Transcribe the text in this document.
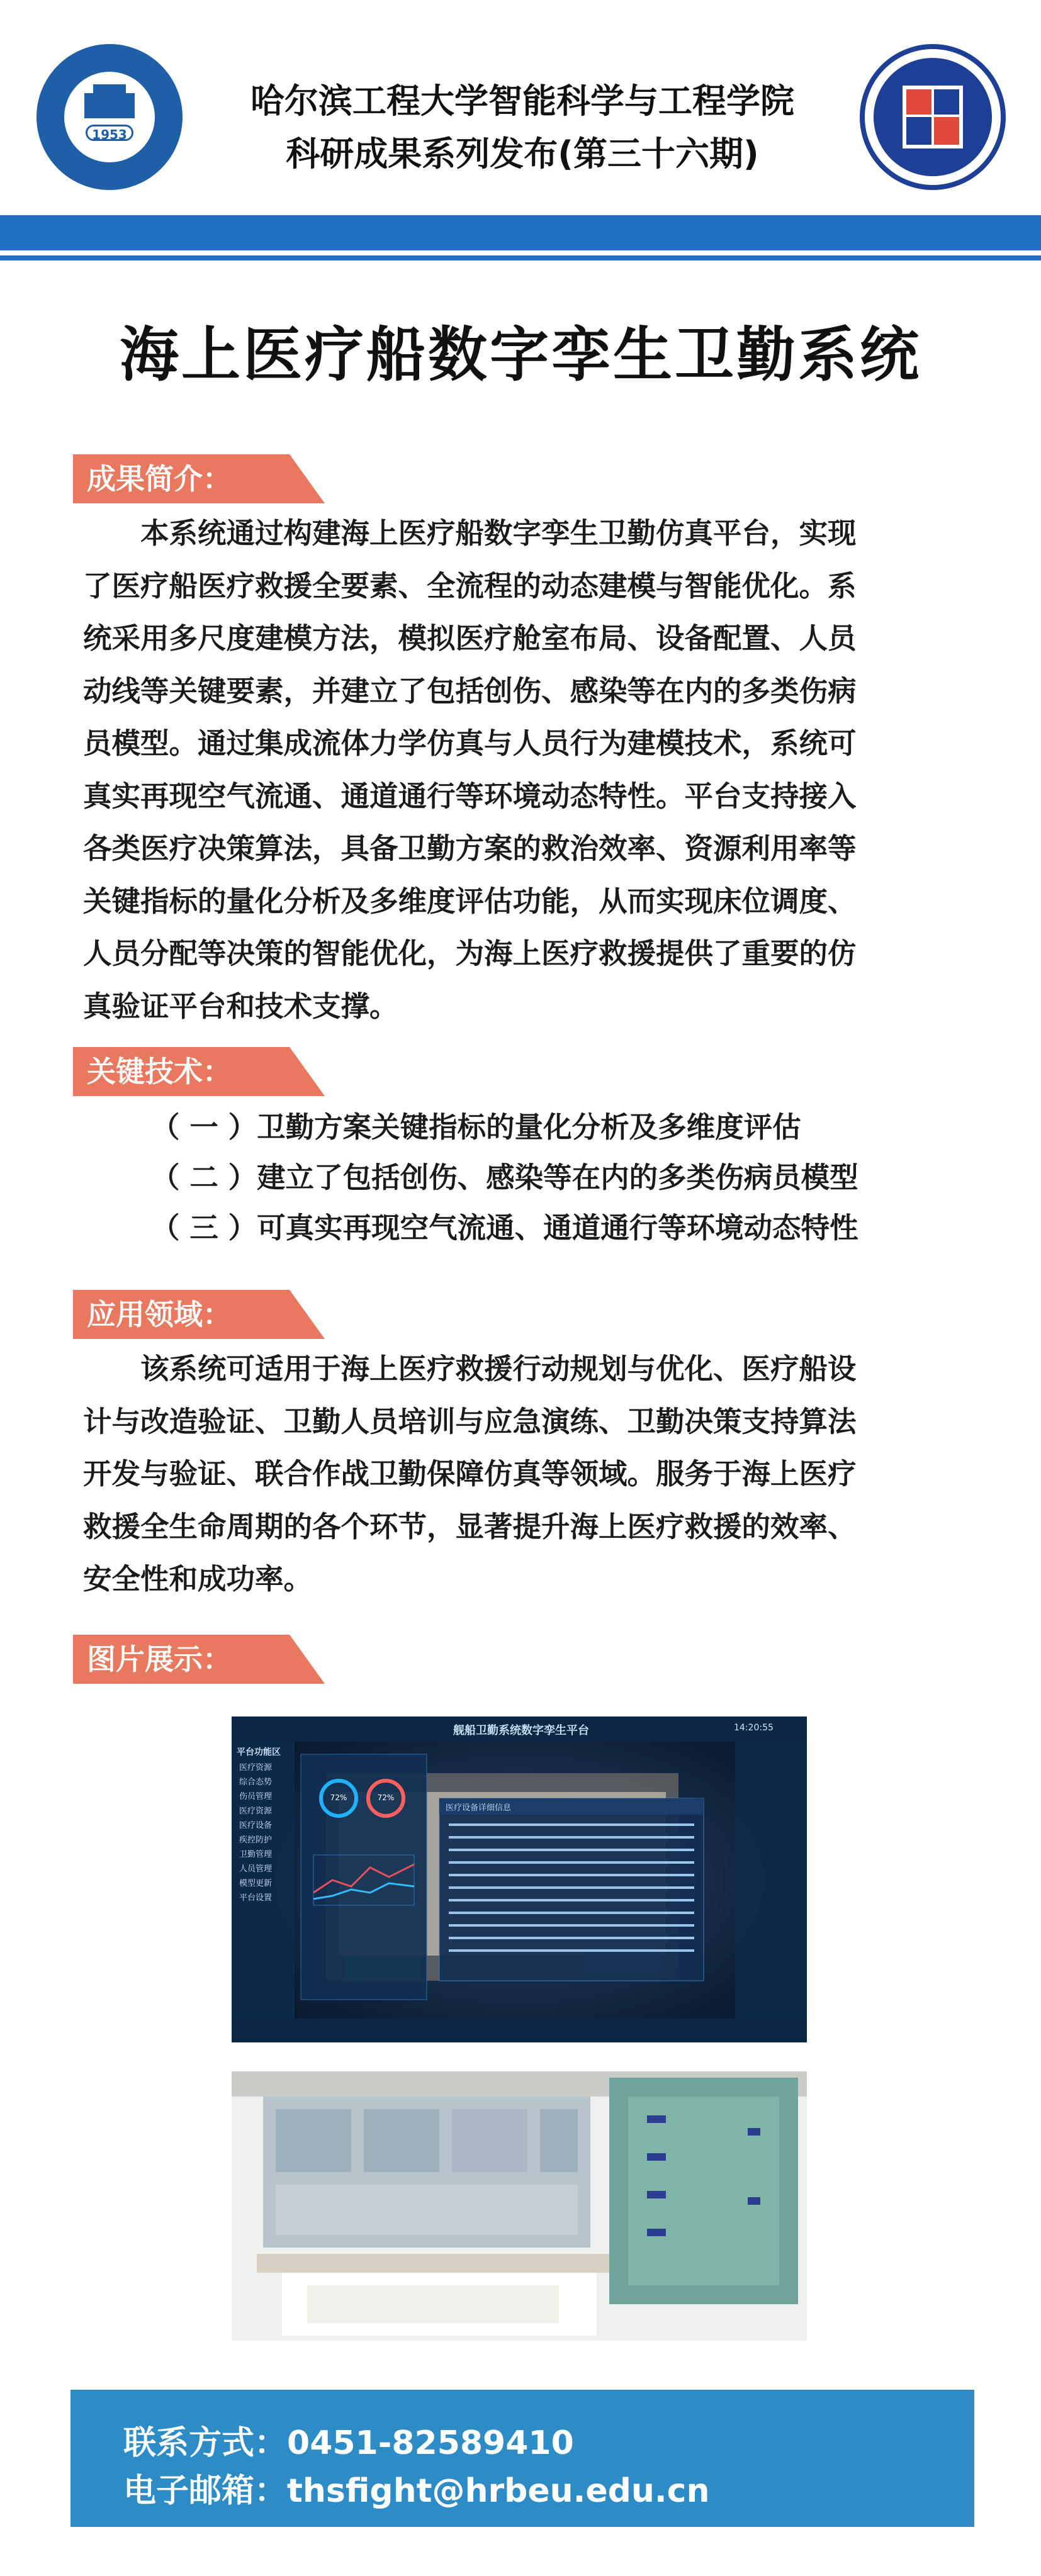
1953
哈尔滨工程大学智能科学与工程学院
科研成果系列发布(第三十六期)
海上医疗船数字孪生卫勤系统
成果简介：
　　本系统通过构建海上医疗船数字孪生卫勤仿真平台，实现
了医疗船医疗救援全要素、全流程的动态建模与智能优化。系
统采用多尺度建模方法，模拟医疗舱室布局、设备配置、人员
动线等关键要素，并建立了包括创伤、感染等在内的多类伤病
员模型。通过集成流体力学仿真与人员行为建模技术，系统可
真实再现空气流通、通道通行等环境动态特性。平台支持接入
各类医疗决策算法，具备卫勤方案的救治效率、资源利用率等
关键指标的量化分析及多维度评估功能，从而实现床位调度、
人员分配等决策的智能优化，为海上医疗救援提供了重要的仿
真验证平台和技术支撑。
关键技术：
（ 一 ）卫勤方案关键指标的量化分析及多维度评估
（ 二 ）建立了包括创伤、感染等在内的多类伤病员模型
（ 三 ）可真实再现空气流通、通道通行等环境动态特性
应用领域：
　　该系统可适用于海上医疗救援行动规划与优化、医疗船设
计与改造验证、卫勤人员培训与应急演练、卫勤决策支持算法
开发与验证、联合作战卫勤保障仿真等领域。服务于海上医疗
救援全生命周期的各个环节，显著提升海上医疗救援的效率、
安全性和成功率。
图片展示：
舰船卫勤系统数字孪生平台	14:20:55
平台功能区
医疗资源
综合态势
伤员管理
医疗资源
医疗设备
疾控防护
卫勤管理
人员管理
模型更新
平台设置
72%	72%
医疗设备详细信息
联系方式：0451-82589410
电子邮箱：thsfight@hrbeu.edu.cn
